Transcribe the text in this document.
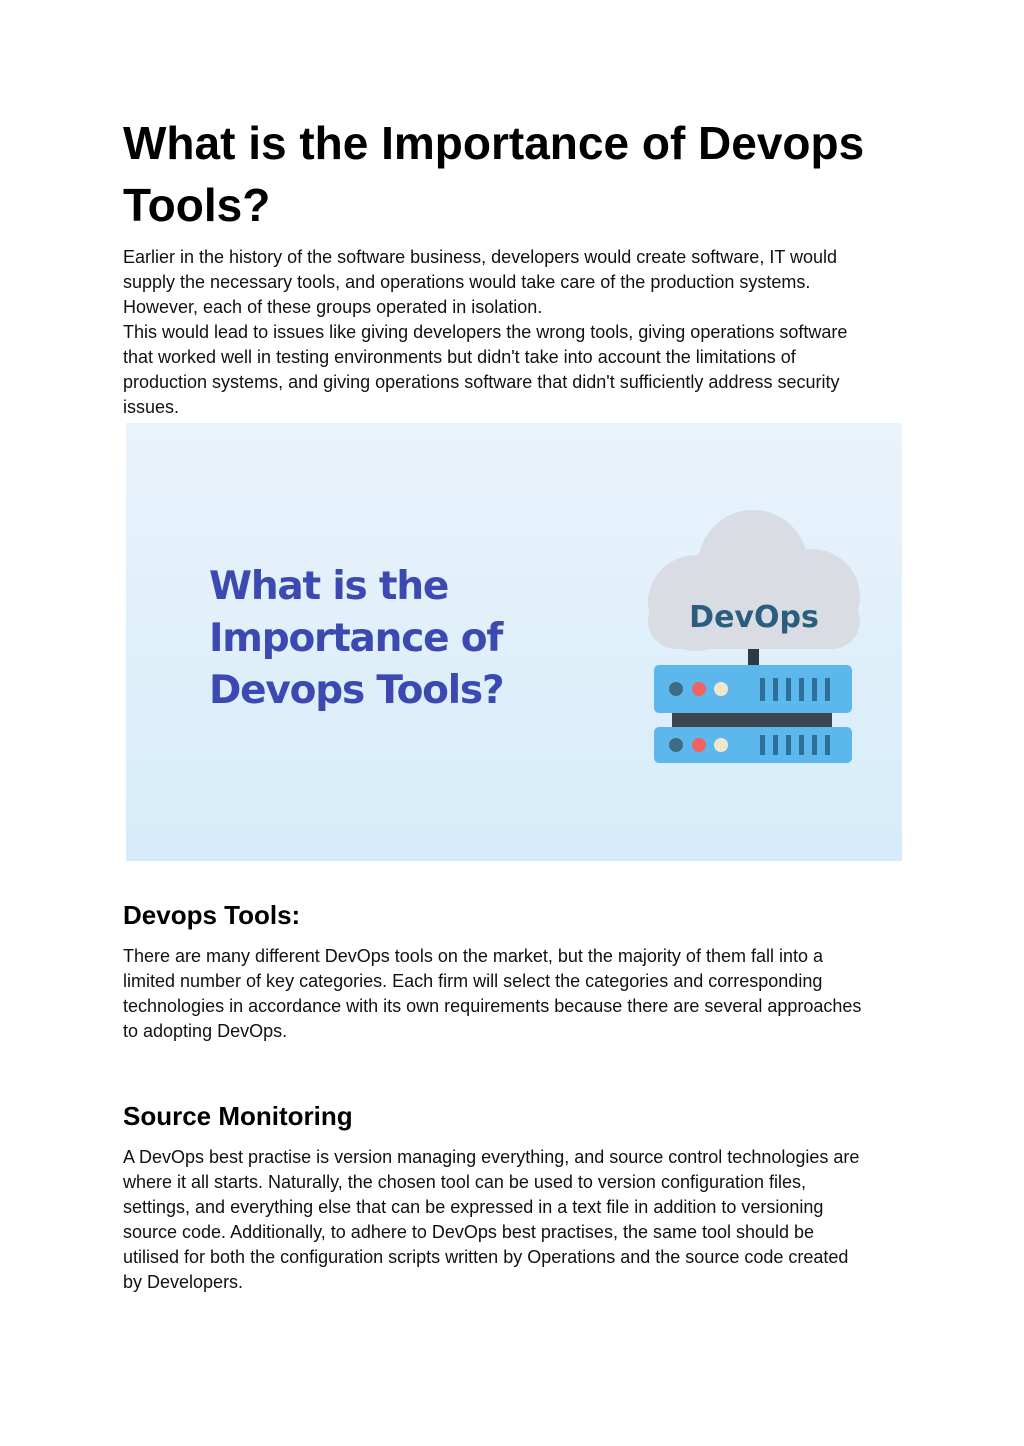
What is the Importance of Devops
Tools?

Earlier in the history of the software business, developers would create software, IT would
supply the necessary tools, and operations would take care of the production systems.
However, each of these groups operated in isolation.
This would lead to issues like giving developers the wrong tools, giving operations software
that worked well in testing environments but didn't take into account the limitations of
production systems, and giving operations software that didn't sufficiently address security
issues.

What is the
Importance of
Devops Tools?
DevOps
Devops Tools:

There are many different DevOps tools on the market, but the majority of them fall into a
limited number of key categories. Each firm will select the categories and corresponding
technologies in accordance with its own requirements because there are several approaches
to adopting DevOps.

Source Monitoring

A DevOps best practise is version managing everything, and source control technologies are
where it all starts. Naturally, the chosen tool can be used to version configuration files,
settings, and everything else that can be expressed in a text file in addition to versioning
source code. Additionally, to adhere to DevOps best practises, the same tool should be
utilised for both the configuration scripts written by Operations and the source code created
by Developers.
